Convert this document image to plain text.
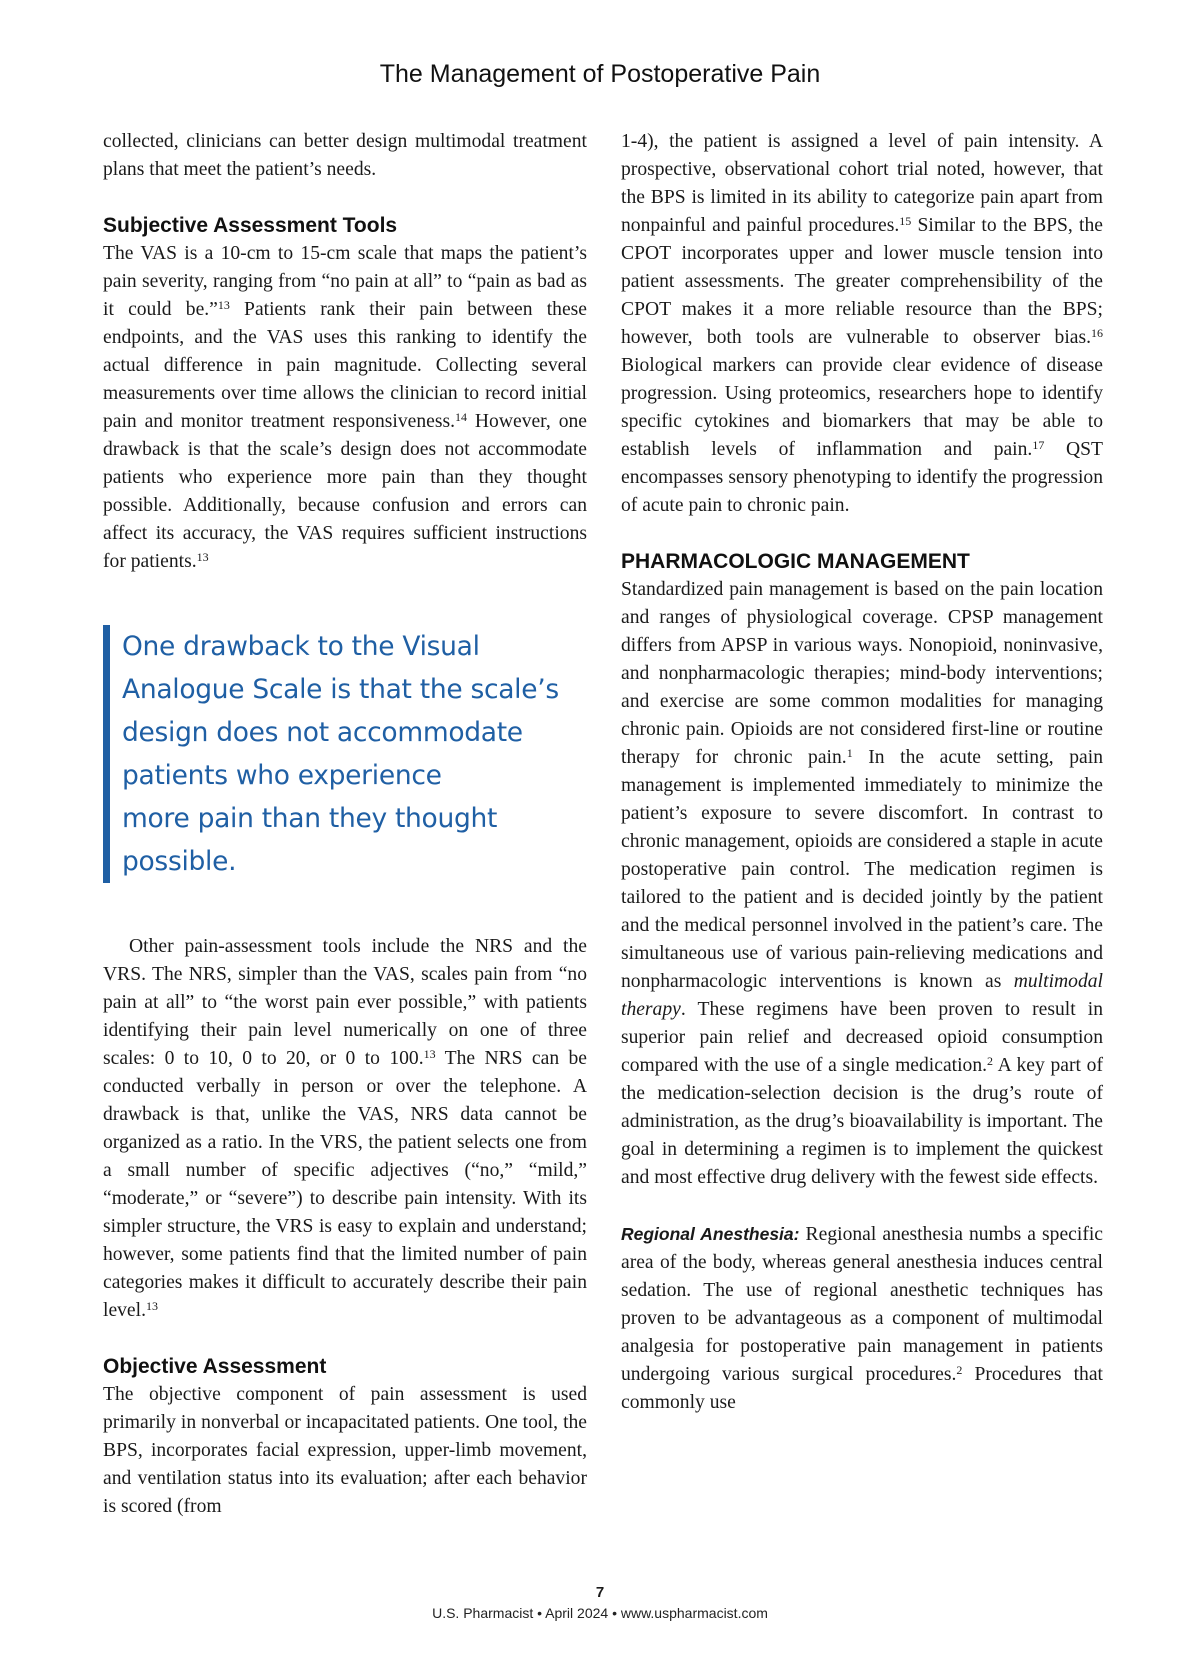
The Management of Postoperative Pain

collected, clinicians can better design multimodal treatment plans that meet the patient’s needs.

Subjective Assessment Tools

The VAS is a 10-cm to 15-cm scale that maps the patient’s pain severity, ranging from “no pain at all” to “pain as bad as it could be.”$^{13}$ Patients rank their pain between these endpoints, and the VAS uses this ranking to identify the actual difference in pain magnitude. Collecting several measurements over time allows the clinician to record initial pain and monitor treatment responsiveness.$^{14}$ However, one drawback is that the scale’s design does not accommodate patients who experience more pain than they thought possible. Additionally, because confusion and errors can affect its accuracy, the VAS requires sufficient instructions for patients.$^{13}$

One drawback to the Visual
Analogue Scale is that the scale’s
design does not accommodate
patients who experience
more pain than they thought
possible.

Other pain-assessment tools include the NRS and the VRS. The NRS, simpler than the VAS, scales pain from “no pain at all” to “the worst pain ever possible,” with patients identifying their pain level numerically on one of three scales: 0 to 10, 0 to 20, or 0 to 100.13 The NRS can be conducted verbally in person or over the telephone. A drawback is that, unlike the VAS, NRS data cannot be organized as a ratio. In the VRS, the patient selects one from a small number of specific adjectives (“no,” “mild,” “moderate,” or “severe”) to describe pain intensity. With its simpler structure, the VRS is easy to explain and understand; however, some patients find that the limited number of pain categories makes it difficult to accurately describe their pain level.$^{13}$

Objective Assessment

The objective component of pain assessment is used primarily in nonverbal or incapacitated patients. One tool, the BPS, incorporates facial expression, upper-limb movement, and ventilation status into its evaluation; after each behavior is scored (from

1-4), the patient is assigned a level of pain intensity. A prospective, observational cohort trial noted, however, that the BPS is limited in its ability to categorize pain apart from nonpainful and painful procedures.$^{15}$ Similar to the BPS, the CPOT incorporates upper and lower muscle tension into patient assessments. The greater comprehensibility of the CPOT makes it a more reliable resource than the BPS; however, both tools are vulnerable to observer bias.$^{16}$ Biological markers can provide clear evidence of disease progression. Using proteomics, researchers hope to identify specific cytokines and biomarkers that may be able to establish levels of inflammation and pain.$^{17}$ QST encompasses sensory phenotyping to identify the progression of acute pain to chronic pain.

PHARMACOLOGIC MANAGEMENT

Standardized pain management is based on the pain location and ranges of physiological coverage. CPSP management differs from APSP in various ways. Nonopioid, noninvasive, and nonpharmacologic therapies; mind-body interventions; and exercise are some common modalities for managing chronic pain. Opioids are not considered first-line or routine therapy for chronic pain.$^1$ In the acute setting, pain management is implemented immediately to minimize the patient’s exposure to severe discomfort. In contrast to chronic management, opioids are considered a staple in acute postoperative pain control. The medication regimen is tailored to the patient and is decided jointly by the patient and the medical personnel involved in the patient’s care. The simultaneous use of various pain-relieving medications and nonpharmacologic interventions is known as multimodal therapy. These regimens have been proven to result in superior pain relief and decreased opioid consumption compared with the use of a single medication.$^2$ A key part of the medication-selection decision is the drug’s route of administration, as the drug’s bioavailability is important. The goal in determining a regimen is to implement the quickest and most effective drug delivery with the fewest side effects.

Regional Anesthesia: Regional anesthesia numbs a specific area of the body, whereas general anesthesia induces central sedation. The use of regional anesthetic techniques has proven to be advantageous as a component of multimodal analgesia for postoperative pain management in patients undergoing various surgical procedures.$^2$ Procedures that commonly use

7
U.S. Pharmacist • April 2024 • www.uspharmacist.com
